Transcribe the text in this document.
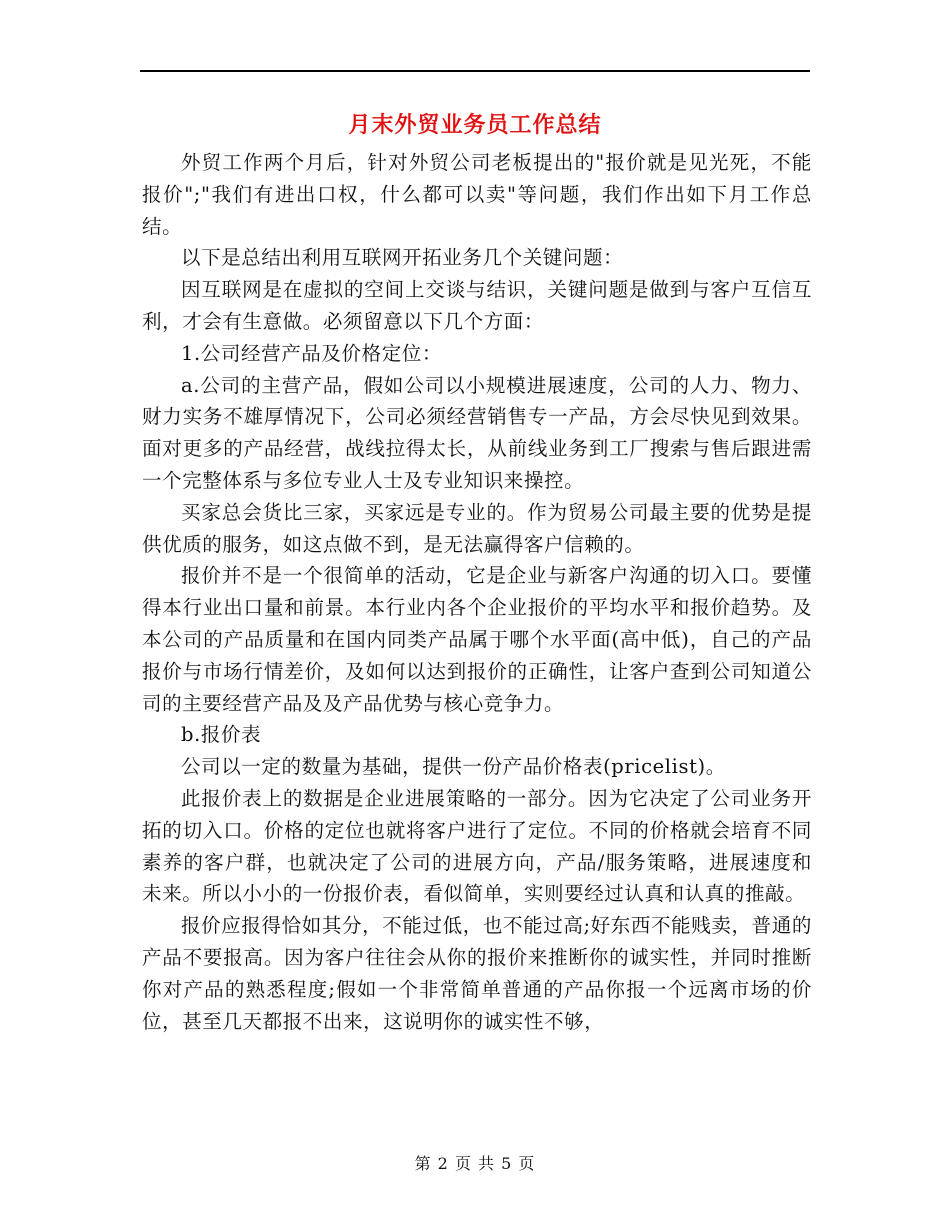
月末外贸业务员工作总结

外贸工作两个月后，针对外贸公司老板提出的"报价就是见光死，不能报价";"我们有进出口权，什么都可以卖"等问题，我们作出如下月工作总结。

以下是总结出利用互联网开拓业务几个关键问题：

因互联网是在虚拟的空间上交谈与结识，关键问题是做到与客户互信互利，才会有生意做。必须留意以下几个方面：

1.公司经营产品及价格定位：

a.公司的主营产品，假如公司以小规模进展速度，公司的人力、物力、财力实务不雄厚情况下，公司必须经营销售专一产品，方会尽快见到效果。面对更多的产品经营，战线拉得太长，从前线业务到工厂搜索与售后跟进需一个完整体系与多位专业人士及专业知识来操控。

买家总会货比三家，买家远是专业的。作为贸易公司最主要的优势是提供优质的服务，如这点做不到，是无法赢得客户信赖的。

报价并不是一个很简单的活动，它是企业与新客户沟通的切入口。要懂得本行业出口量和前景。本行业内各个企业报价的平均水平和报价趋势。及本公司的产品质量和在国内同类产品属于哪个水平面(高中低)，自己的产品报价与市场行情差价，及如何以达到报价的正确性，让客户查到公司知道公司的主要经营产品及及产品优势与核心竞争力。

b.报价表

公司以一定的数量为基础，提供一份产品价格表(pricelist)。

此报价表上的数据是企业进展策略的一部分。因为它决定了公司业务开拓的切入口。价格的定位也就将客户进行了定位。不同的价格就会培育不同素养的客户群，也就决定了公司的进展方向，产品/服务策略，进展速度和未来。所以小小的一份报价表，看似简单，实则要经过认真和认真的推敲。

报价应报得恰如其分，不能过低，也不能过高;好东西不能贱卖，普通的产品不要报高。因为客户往往会从你的报价来推断你的诚实性，并同时推断你对产品的熟悉程度;假如一个非常简单普通的产品你报一个远离市场的价位，甚至几天都报不出来，这说明你的诚实性不够，

第 2 页 共 5 页
